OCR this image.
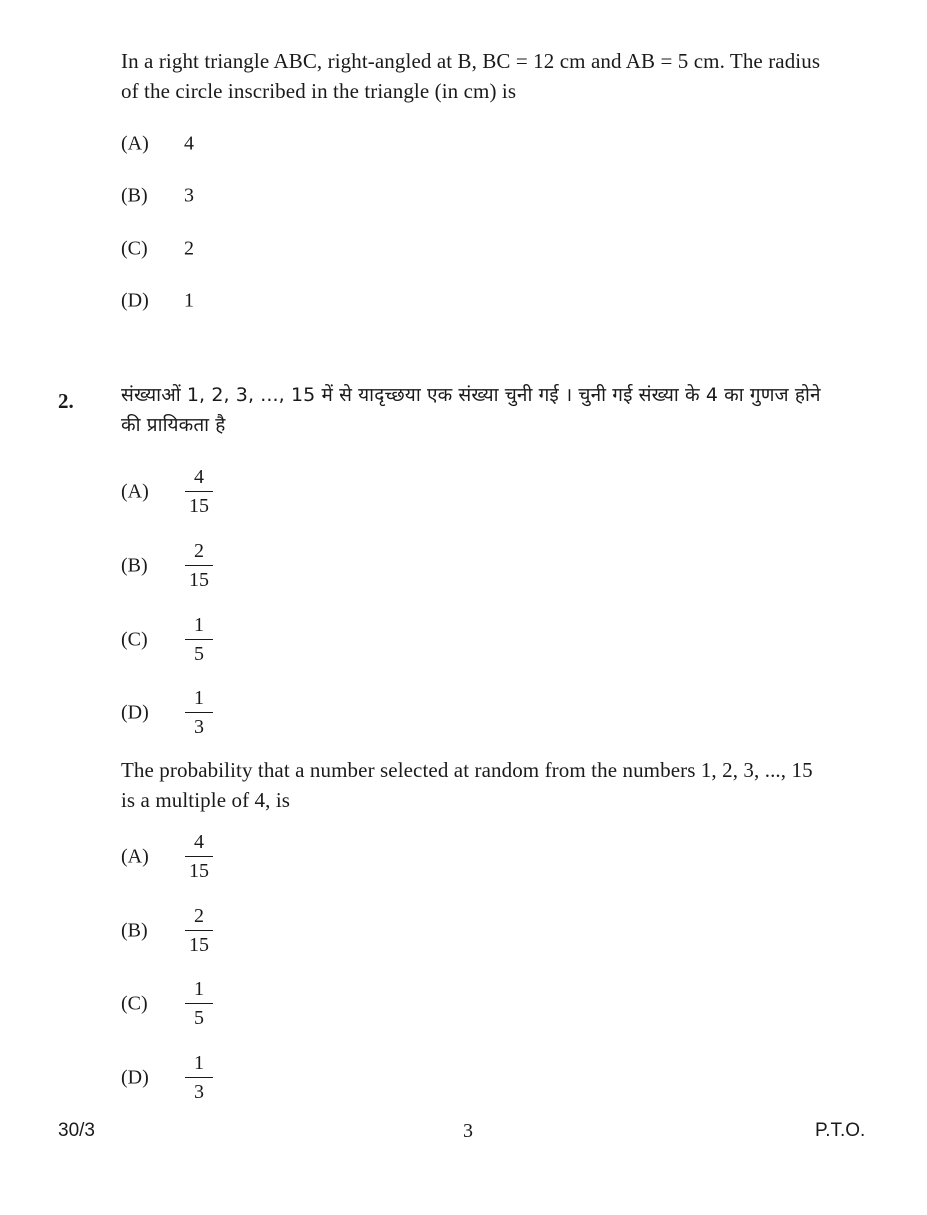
In a right triangle ABC, right-angled at B, BC = 12 cm and AB = 5 cm. The radius of the circle inscribed in the triangle (in cm) is
(A) 4
(B) 3
(C) 2
(D) 1
2. संख्याओं 1, 2, 3, ..., 15 में से यादृच्छया एक संख्या चुनी गई । चुनी गई संख्या के 4 का गुणज होने की प्रायिकता है
(A)
4
15
(B)
2
15
(C)
1
5
(D)
1
3
The probability that a number selected at random from the numbers 1, 2, 3, ..., 15 is a multiple of 4, is
(A)
4
15
(B)
2
15
(C)
1
5
(D)
1
3
30/3	3	P.T.O.
